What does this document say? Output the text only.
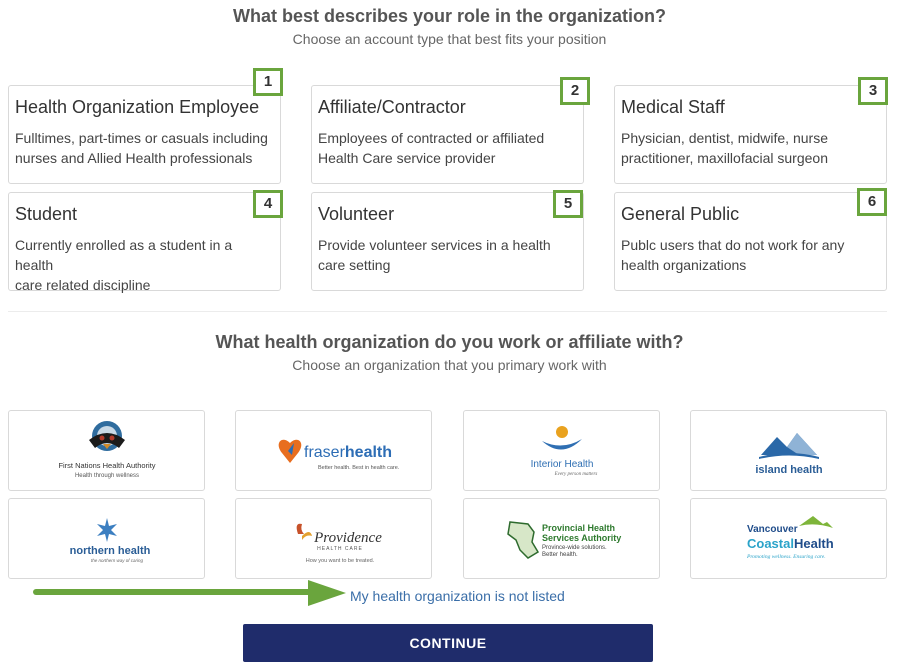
What best describes your role in the organization?
Choose an account type that best fits your position
Health Organization Employee
Fulltimes, part-times or casuals including
nurses and Allied Health professionals
Affiliate/Contractor
Employees of contracted or affiliated
Health Care service provider
Medical Staff
Physician, dentist, midwife, nurse
practitioner, maxillofacial surgeon
Student
Currently enrolled as a student in a health
care related discipline
Volunteer
Provide volunteer services in a health
care setting
General Public
Publc users that do not work for any
health organizations
1
2	3
4	5	6
What health organization do you work or affiliate with?
Choose an organization that you primary work with
First Nations Health Authority
Health through wellness
fraserhealth
Better health. Best in health care.	Interior Health
Every person matters	island health
northern health
the northern way of caring
Providence
HEALTH CARE
How you want to be treated.
Provincial Health
Services Authority
Province-wide solutions.
Better health.
Vancouver
CoastalHealth
Promoting wellness. Ensuring care.
My health organization is not listed
CONTINUE
